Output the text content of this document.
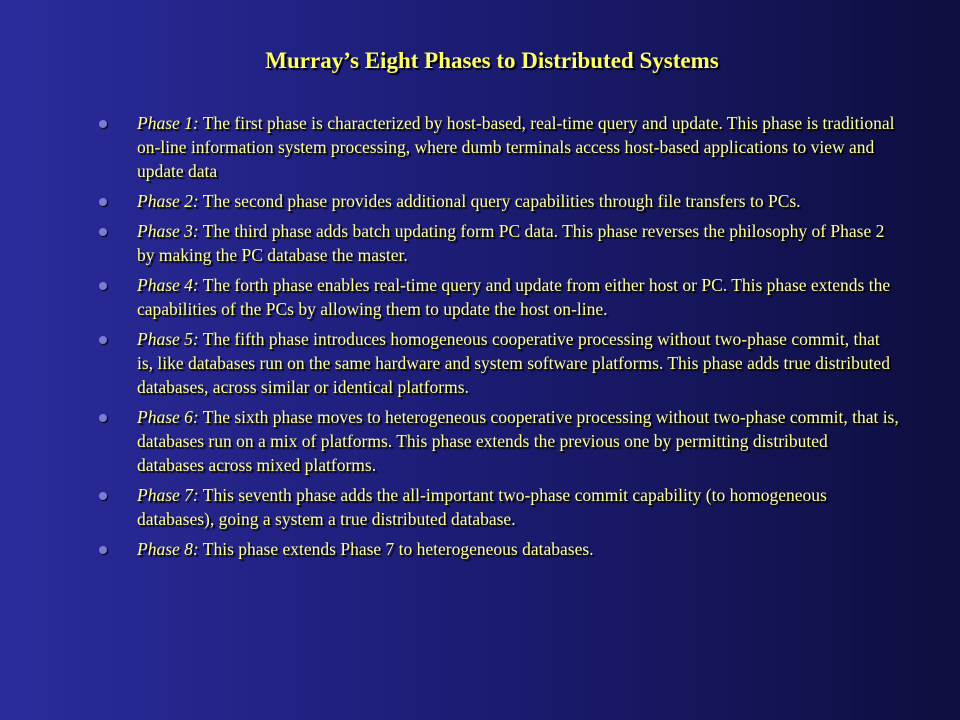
Murray’s Eight Phases to Distributed Systems
Phase 1: The first phase is characterized by host-based, real-time query and update. This phase is traditional on-line information system processing, where dumb terminals access host-based applications to view and update data
Phase 2: The second phase provides additional query capabilities through file transfers to PCs.
Phase 3: The third phase adds batch updating form PC data. This phase reverses the philosophy of Phase 2 by making the PC database the master.
Phase 4: The forth phase enables real-time query and update from either host or PC. This phase extends the capabilities of the PCs by allowing them to update the host on-line.
Phase 5: The fifth phase introduces homogeneous cooperative processing without two-phase commit, that is, like databases run on the same hardware and system software platforms. This phase adds true distributed databases, across similar or identical platforms.
Phase 6: The sixth phase moves to heterogeneous cooperative processing without two-phase commit, that is, databases run on a mix of platforms. This phase extends the previous one by permitting distributed databases across mixed platforms.
Phase 7: This seventh phase adds the all-important two-phase commit capability (to homogeneous databases), going a system a true distributed database.
Phase 8: This phase extends Phase 7 to heterogeneous databases.
